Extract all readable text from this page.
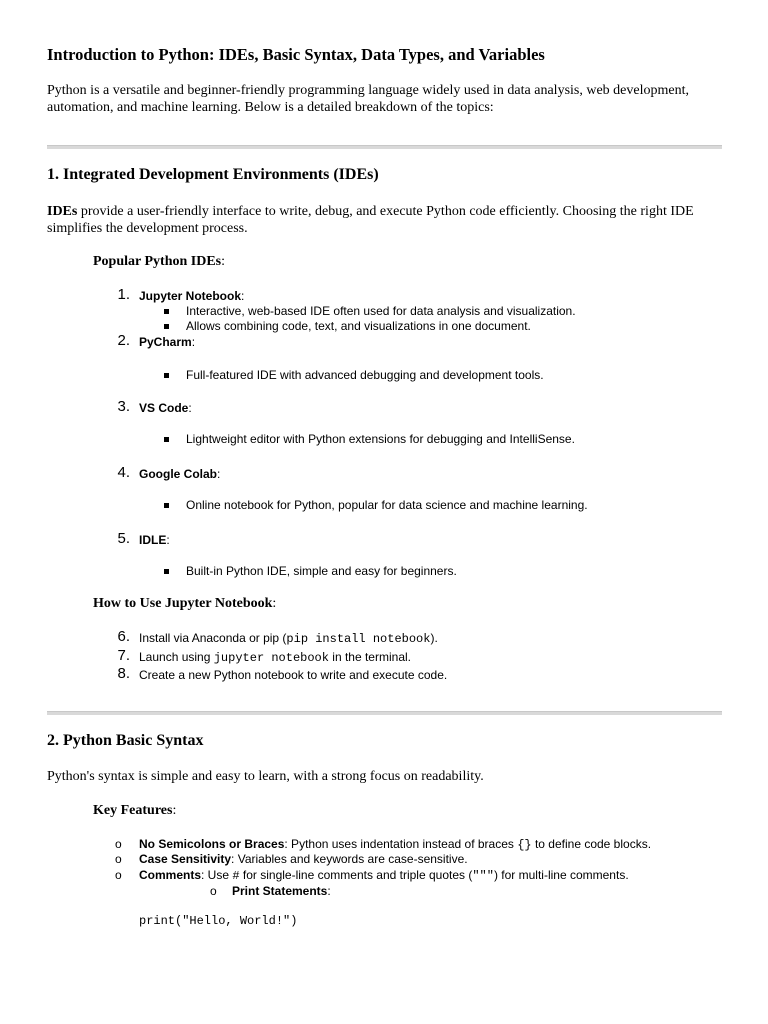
Introduction to Python: IDEs, Basic Syntax, Data Types, and Variables
Python is a versatile and beginner-friendly programming language widely used in data analysis, web development, automation, and machine learning. Below is a detailed breakdown of the topics:
1. Integrated Development Environments (IDEs)
IDEs provide a user-friendly interface to write, debug, and execute Python code efficiently. Choosing the right IDE simplifies the development process.
Popular Python IDEs:
1. Jupyter Notebook:
Interactive, web-based IDE often used for data analysis and visualization.
Allows combining code, text, and visualizations in one document.
2. PyCharm:
Full-featured IDE with advanced debugging and development tools.
3. VS Code:
Lightweight editor with Python extensions for debugging and IntelliSense.
4. Google Colab:
Online notebook for Python, popular for data science and machine learning.
5. IDLE:
Built-in Python IDE, simple and easy for beginners.
How to Use Jupyter Notebook:
6. Install via Anaconda or pip (pip install notebook).
7. Launch using jupyter notebook in the terminal.
8. Create a new Python notebook to write and execute code.
2. Python Basic Syntax
Python's syntax is simple and easy to learn, with a strong focus on readability.
Key Features:
o No Semicolons or Braces: Python uses indentation instead of braces {} to define code blocks.
o Case Sensitivity: Variables and keywords are case-sensitive.
o Comments: Use # for single-line comments and triple quotes (""") for multi-line comments.
o Print Statements:
print("Hello, World!")
